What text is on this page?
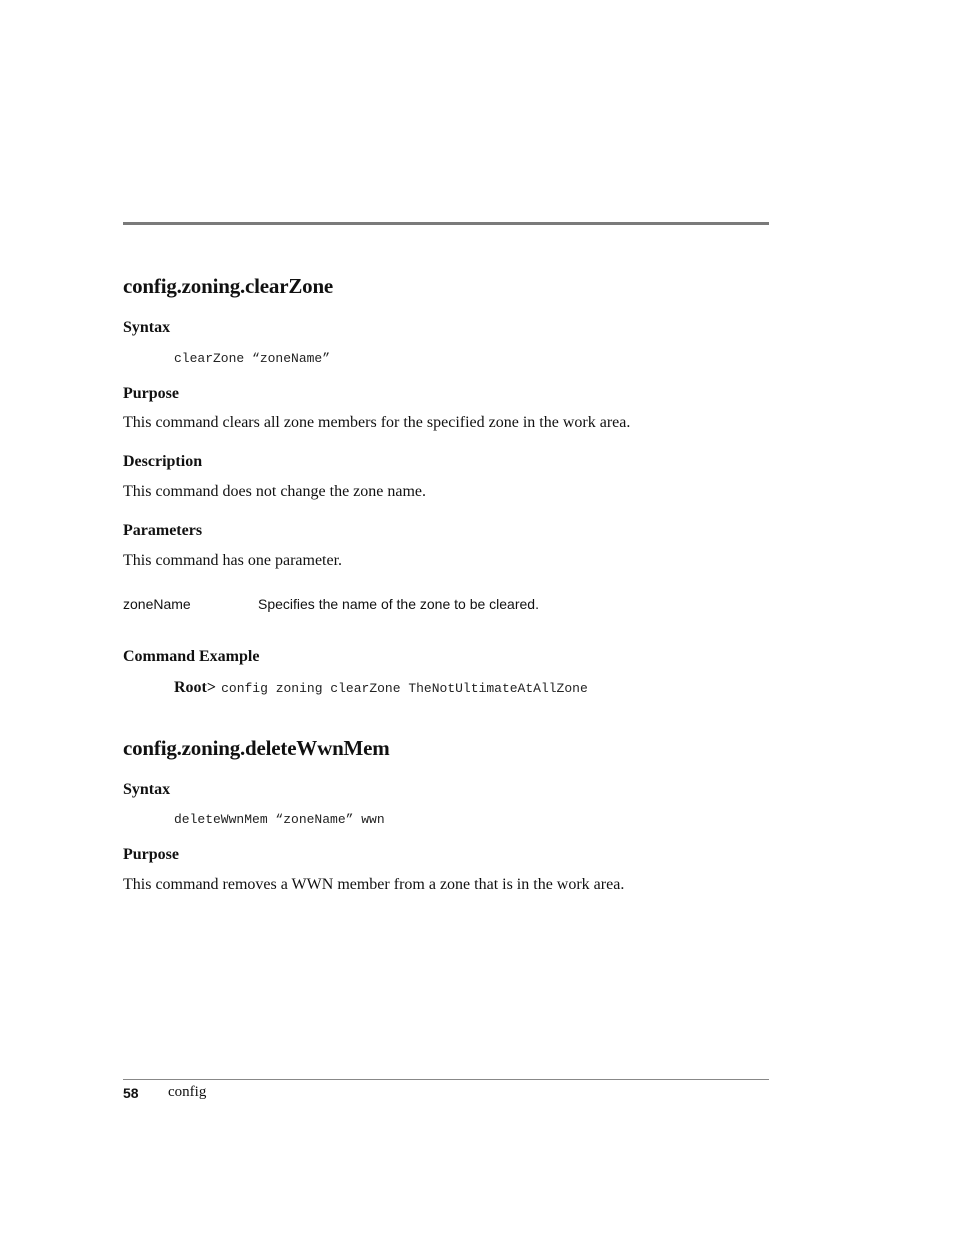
config.zoning.clearZone
Syntax
clearZone “zoneName”
Purpose

This command clears all zone members for the specified zone in the work area.

Description

This command does not change the zone name.

Parameters

This command has one parameter.

zoneName	Specifies the name of the zone to be cleared.
Command Example
Root> config zoning clearZone TheNotUltimateAtAllZone
config.zoning.deleteWwnMem
Syntax
deleteWwnMem “zoneName” wwn
Purpose

This command removes a WWN member from a zone that is in the work area.

58 config
